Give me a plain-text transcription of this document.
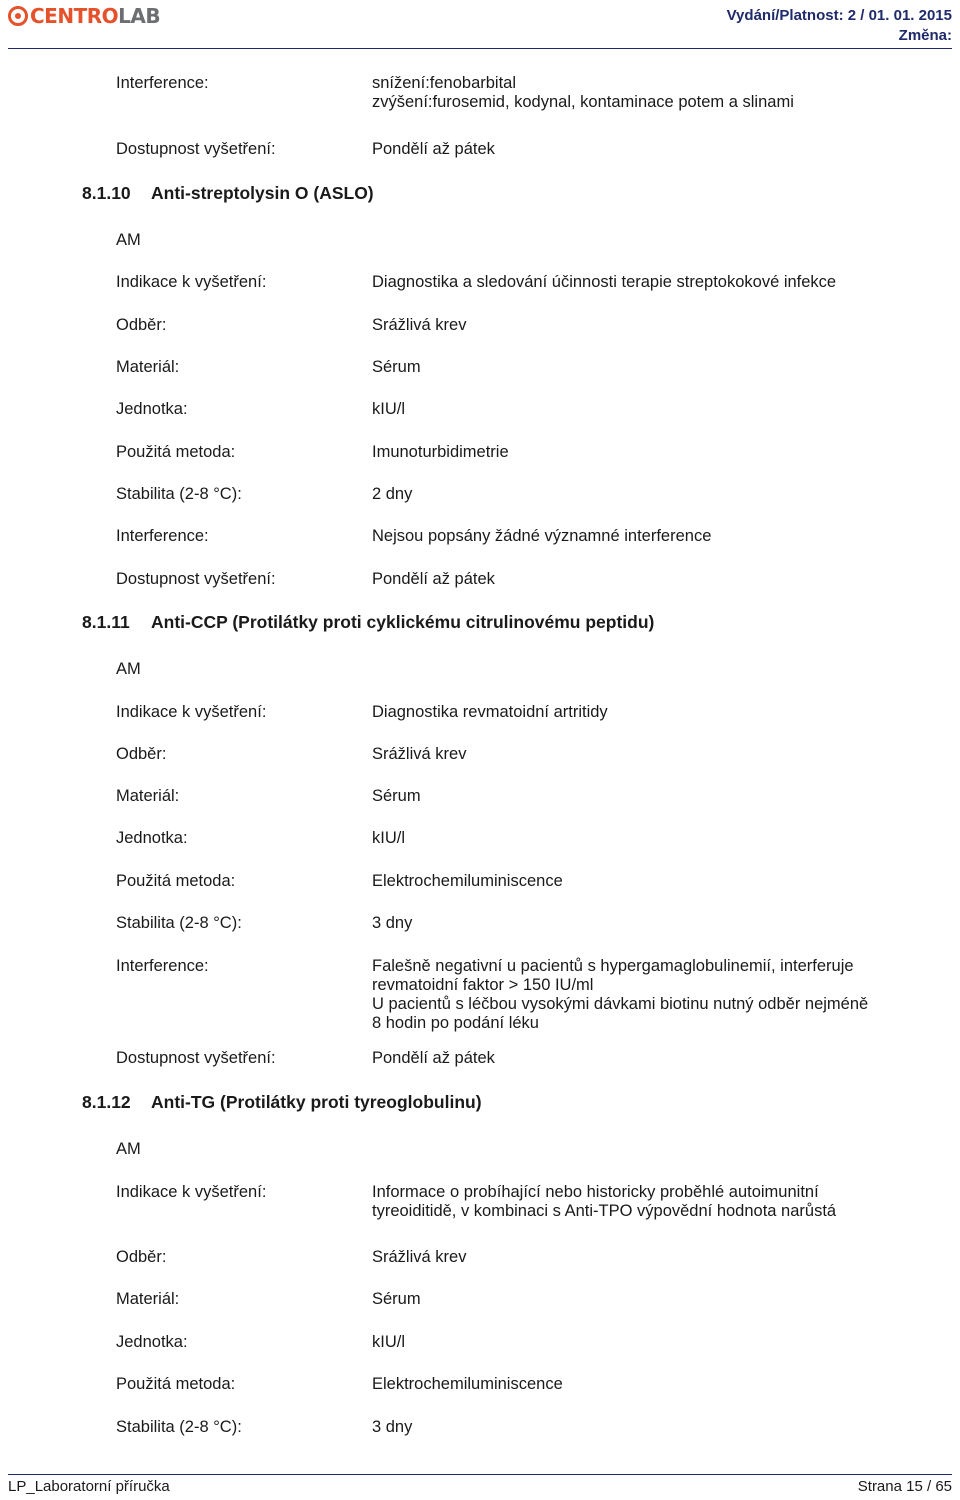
CENTROLAB	Vydání/Platnost: 2 / 01. 01. 2015
Změna:
Interference:	snížení:fenobarbital
zvýšení:furosemid, kodynal, kontaminace potem a slinami
Dostupnost vyšetření:	Pondělí až pátek
8.1.10 Anti-streptolysin O (ASLO)
AM
Indikace k vyšetření:	Diagnostika a sledování účinnosti terapie streptokokové infekce
Odběr:	Srážlivá krev
Materiál:	Sérum
Jednotka:	kIU/l
Použitá metoda:	Imunoturbidimetrie
Stabilita (2-8 °C):	2 dny
Interference:	Nejsou popsány žádné významné interference
Dostupnost vyšetření:	Pondělí až pátek
8.1.11 Anti-CCP (Protilátky proti cyklickému citrulinovému peptidu)
AM
Indikace k vyšetření:	Diagnostika revmatoidní artritidy
Odběr:	Srážlivá krev
Materiál:	Sérum
Jednotka:	kIU/l
Použitá metoda:	Elektrochemiluminiscence
Stabilita (2-8 °C):	3 dny
Interference:	Falešně negativní u pacientů s hypergamaglobulinemií, interferuje
revmatoidní faktor > 150 IU/ml
U pacientů s léčbou vysokými dávkami biotinu nutný odběr nejméně
8 hodin po podání léku
Dostupnost vyšetření:	Pondělí až pátek
8.1.12 Anti-TG (Protilátky proti tyreoglobulinu)
AM
Indikace k vyšetření:	Informace o probíhající nebo historicky proběhlé autoimunitní
tyreoiditidě, v kombinaci s Anti-TPO výpovědní hodnota narůstá
Odběr:	Srážlivá krev
Materiál:	Sérum
Jednotka:	kIU/l
Použitá metoda:	Elektrochemiluminiscence
Stabilita (2-8 °C):	3 dny
LP_Laboratorní příručka	Strana 15 / 65
